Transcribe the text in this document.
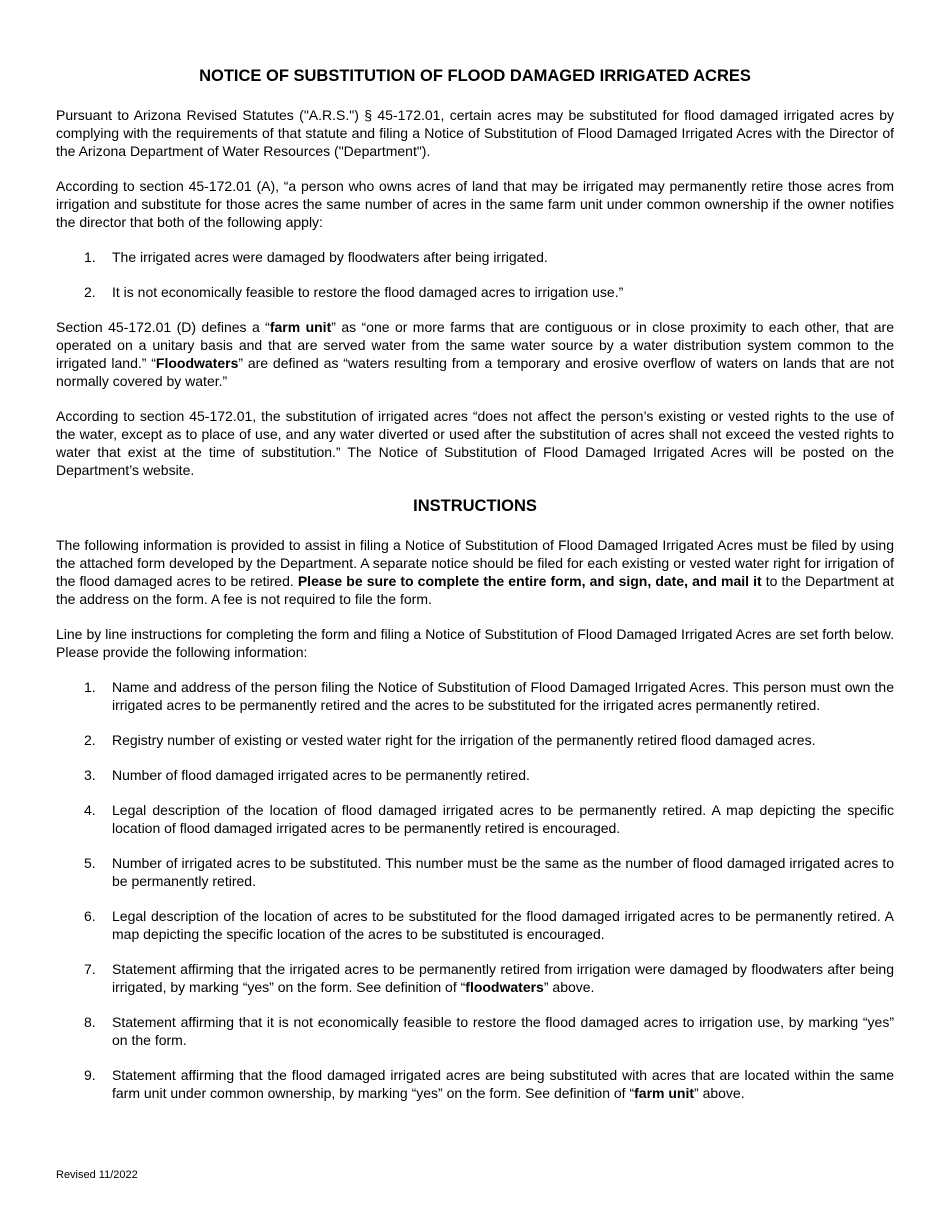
NOTICE OF SUBSTITUTION OF FLOOD DAMAGED IRRIGATED ACRES

Pursuant to Arizona Revised Statutes ("A.R.S.") § 45-172.01, certain acres may be substituted for flood damaged irrigated acres by complying with the requirements of that statute and filing a Notice of Substitution of Flood Damaged Irrigated Acres with the Director of the Arizona Department of Water Resources ("Department").

According to section 45-172.01 (A), “a person who owns acres of land that may be irrigated may permanently retire those acres from irrigation and substitute for those acres the same number of acres in the same farm unit under common ownership if the owner notifies the director that both of the following apply:

1.	The irrigated acres were damaged by floodwaters after being irrigated.
2.	It is not economically feasible to restore the flood damaged acres to irrigation use.”

Section 45-172.01 (D) defines a “farm unit” as “one or more farms that are contiguous or in close proximity to each other, that are operated on a unitary basis and that are served water from the same water source by a water distribution system common to the irrigated land.” “Floodwaters” are defined as “waters resulting from a temporary and erosive overflow of waters on lands that are not normally covered by water.”

According to section 45-172.01, the substitution of irrigated acres “does not affect the person’s existing or vested rights to the use of the water, except as to place of use, and any water diverted or used after the substitution of acres shall not exceed the vested rights to water that exist at the time of substitution.” The Notice of Substitution of Flood Damaged Irrigated Acres will be posted on the Department’s website.

INSTRUCTIONS

The following information is provided to assist in filing a Notice of Substitution of Flood Damaged Irrigated Acres must be filed by using the attached form developed by the Department. A separate notice should be filed for each existing or vested water right for irrigation of the flood damaged acres to be retired. Please be sure to complete the entire form, and sign, date, and mail it to the Department at the address on the form. A fee is not required to file the form.

Line by line instructions for completing the form and filing a Notice of Substitution of Flood Damaged Irrigated Acres are set forth below. Please provide the following information:

1.	Name and address of the person filing the Notice of Substitution of Flood Damaged Irrigated Acres. This person must own the irrigated acres to be permanently retired and the acres to be substituted for the irrigated acres permanently retired.
2.	Registry number of existing or vested water right for the irrigation of the permanently retired flood damaged acres.
3.	Number of flood damaged irrigated acres to be permanently retired.
4.	Legal description of the location of flood damaged irrigated acres to be permanently retired. A map depicting the specific location of flood damaged irrigated acres to be permanently retired is encouraged.
5.	Number of irrigated acres to be substituted. This number must be the same as the number of flood damaged irrigated acres to be permanently retired.
6.	Legal description of the location of acres to be substituted for the flood damaged irrigated acres to be permanently retired. A map depicting the specific location of the acres to be substituted is encouraged.
7.	Statement affirming that the irrigated acres to be permanently retired from irrigation were damaged by floodwaters after being irrigated, by marking “yes” on the form. See definition of “floodwaters” above.
8.	Statement affirming that it is not economically feasible to restore the flood damaged acres to irrigation use, by marking “yes” on the form.
9.	Statement affirming that the flood damaged irrigated acres are being substituted with acres that are located within the same farm unit under common ownership, by marking “yes” on the form. See definition of “farm unit” above.
Revised 11/2022
